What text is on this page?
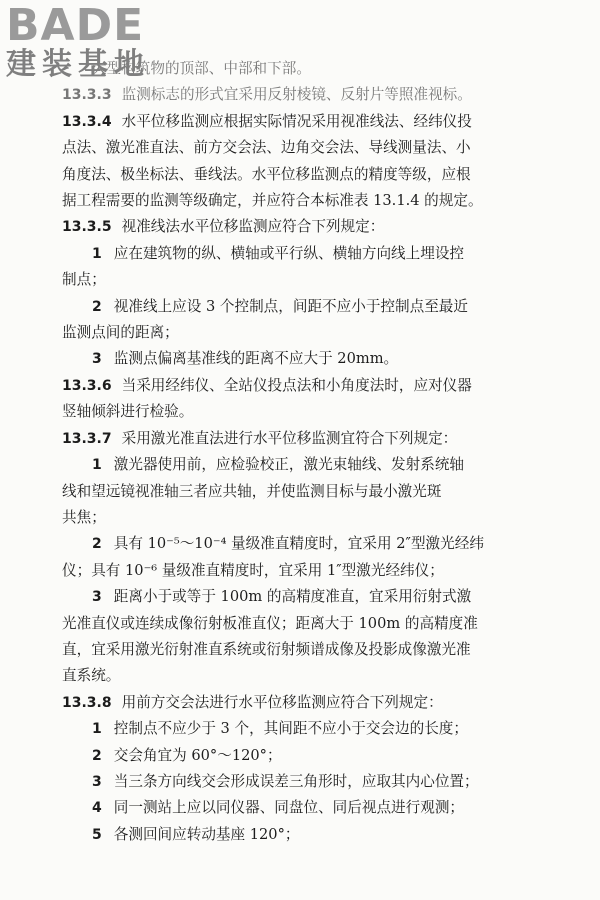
BADE
建装基地
大型构筑物的顶部、中部和下部。
13.3.3 监测标志的形式宜采用反射棱镜、反射片等照准视标。
13.3.4 水平位移监测应根据实际情况采用视准线法、经纬仪投
点法、激光准直法、前方交会法、边角交会法、导线测量法、小
角度法、极坐标法、垂线法。水平位移监测点的精度等级，应根
据工程需要的监测等级确定，并应符合本标准表 13.1.4 的规定。
13.3.5 视准线法水平位移监测应符合下列规定：
1 应在建筑物的纵、横轴或平行纵、横轴方向线上埋设控
制点；
2 视准线上应设 3 个控制点，间距不应小于控制点至最近
监测点间的距离；
3 监测点偏离基准线的距离不应大于 20mm。
13.3.6 当采用经纬仪、全站仪投点法和小角度法时，应对仪器
竖轴倾斜进行检验。
13.3.7 采用激光准直法进行水平位移监测宜符合下列规定：
1 激光器使用前，应检验校正，激光束轴线、发射系统轴
线和望远镜视准轴三者应共轴，并使监测目标与最小激光斑
共焦；
2 具有 10⁻⁵～10⁻⁴ 量级准直精度时，宜采用 2″型激光经纬
仪；具有 10⁻⁶ 量级准直精度时，宜采用 1″型激光经纬仪；
3 距离小于或等于 100m 的高精度准直，宜采用衍射式激
光准直仪或连续成像衍射板准直仪；距离大于 100m 的高精度准
直，宜采用激光衍射准直系统或衍射频谱成像及投影成像激光准
直系统。
13.3.8 用前方交会法进行水平位移监测应符合下列规定：
1 控制点不应少于 3 个，其间距不应小于交会边的长度；
2 交会角宜为 60°～120°；
3 当三条方向线交会形成误差三角形时，应取其内心位置；
4 同一测站上应以同仪器、同盘位、同后视点进行观测；
5 各测回间应转动基座 120°；
